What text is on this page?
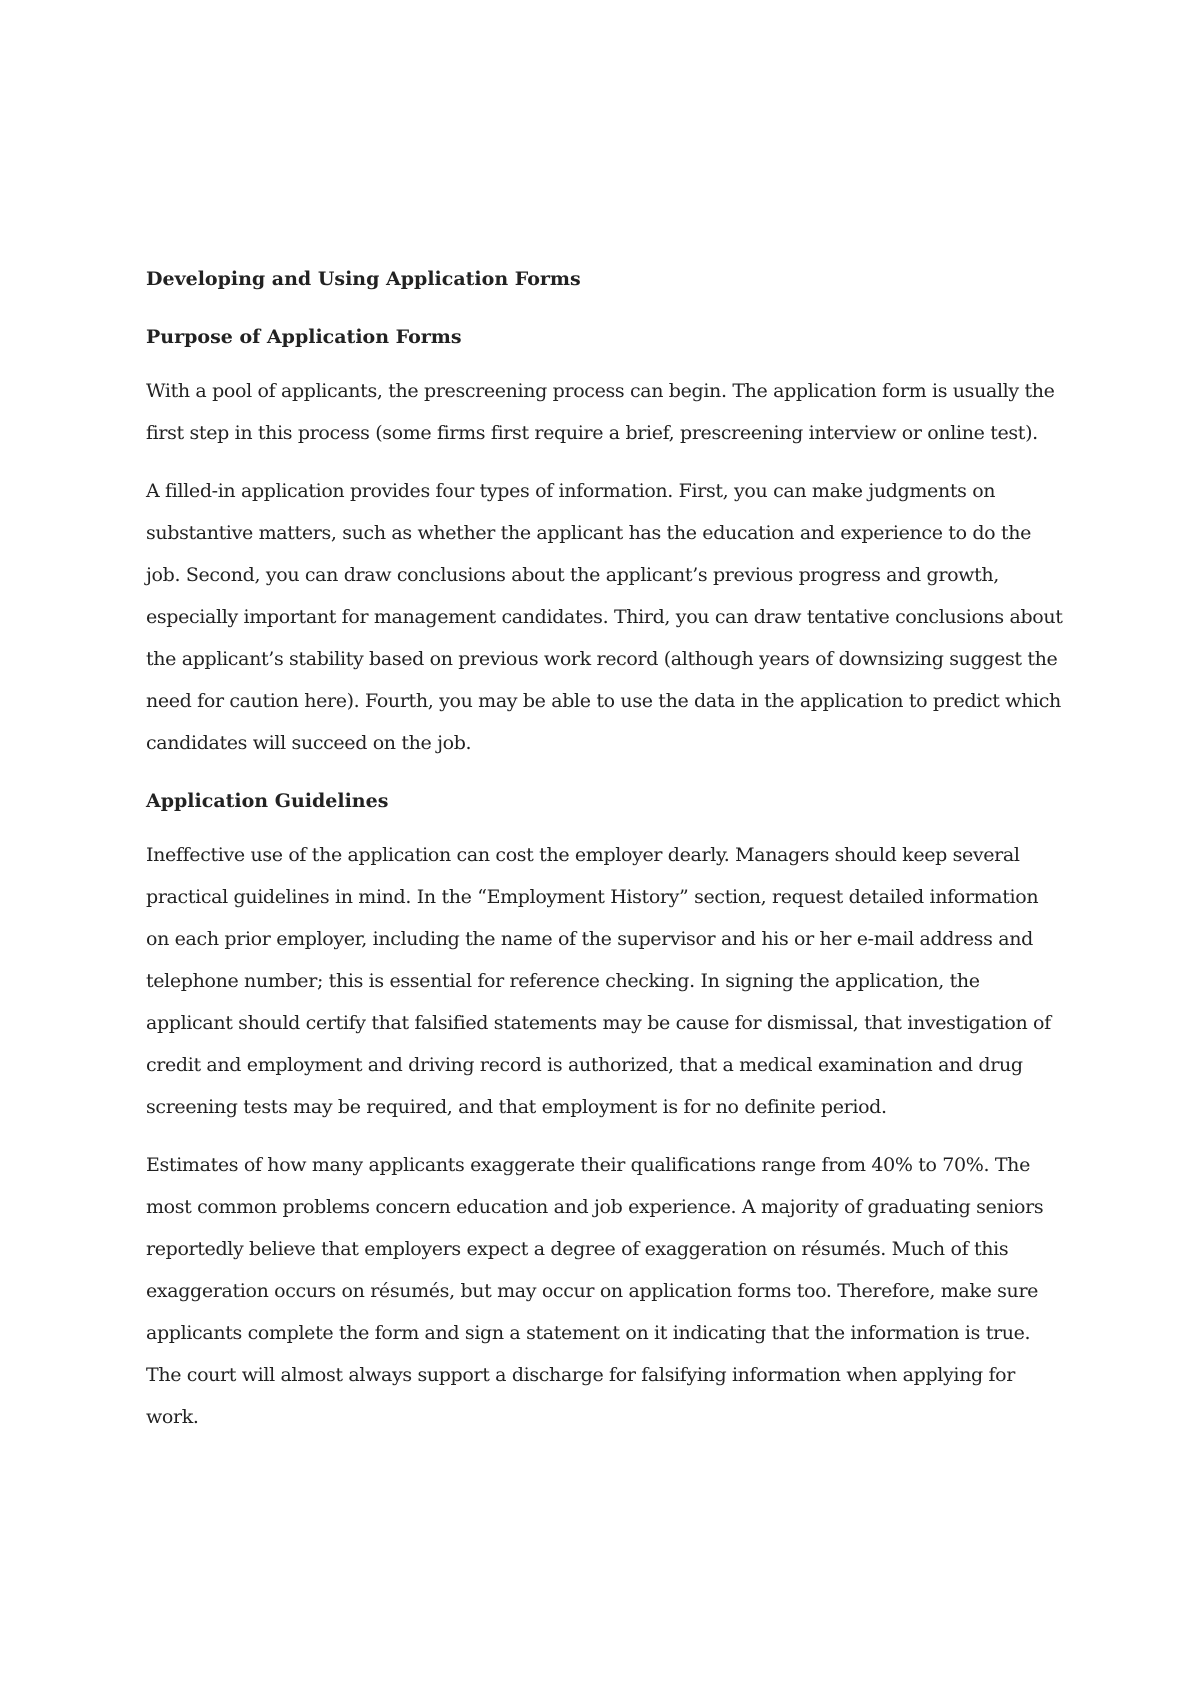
Developing and Using Application Forms

Purpose of Application Forms

With a pool of applicants, the prescreening process can begin. The application form is usually the first step in this process (some firms first require a brief, prescreening interview or online test).

A filled-in application provides four types of information. First, you can make judgments on substantive matters, such as whether the applicant has the education and experience to do the job. Second, you can draw conclusions about the applicant’s previous progress and growth, especially important for management candidates. Third, you can draw tentative conclusions about the applicant’s stability based on previous work record (although years of downsizing suggest the need for caution here). Fourth, you may be able to use the data in the application to predict which candidates will succeed on the job.

Application Guidelines

Ineffective use of the application can cost the employer dearly. Managers should keep several practical guidelines in mind. In the “Employment History” section, request detailed information on each prior employer, including the name of the supervisor and his or her e-mail address and telephone number; this is essential for reference checking. In signing the application, the applicant should certify that falsified statements may be cause for dismissal, that investigation of credit and employment and driving record is authorized, that a medical examination and drug screening tests may be required, and that employment is for no definite period.

Estimates of how many applicants exaggerate their qualifications range from 40% to 70%. The most common problems concern education and job experience. A majority of graduating seniors reportedly believe that employers expect a degree of exaggeration on résumés. Much of this exaggeration occurs on résumés, but may occur on application forms too. Therefore, make sure applicants complete the form and sign a statement on it indicating that the information is true. The court will almost always support a discharge for falsifying information when applying for work.
